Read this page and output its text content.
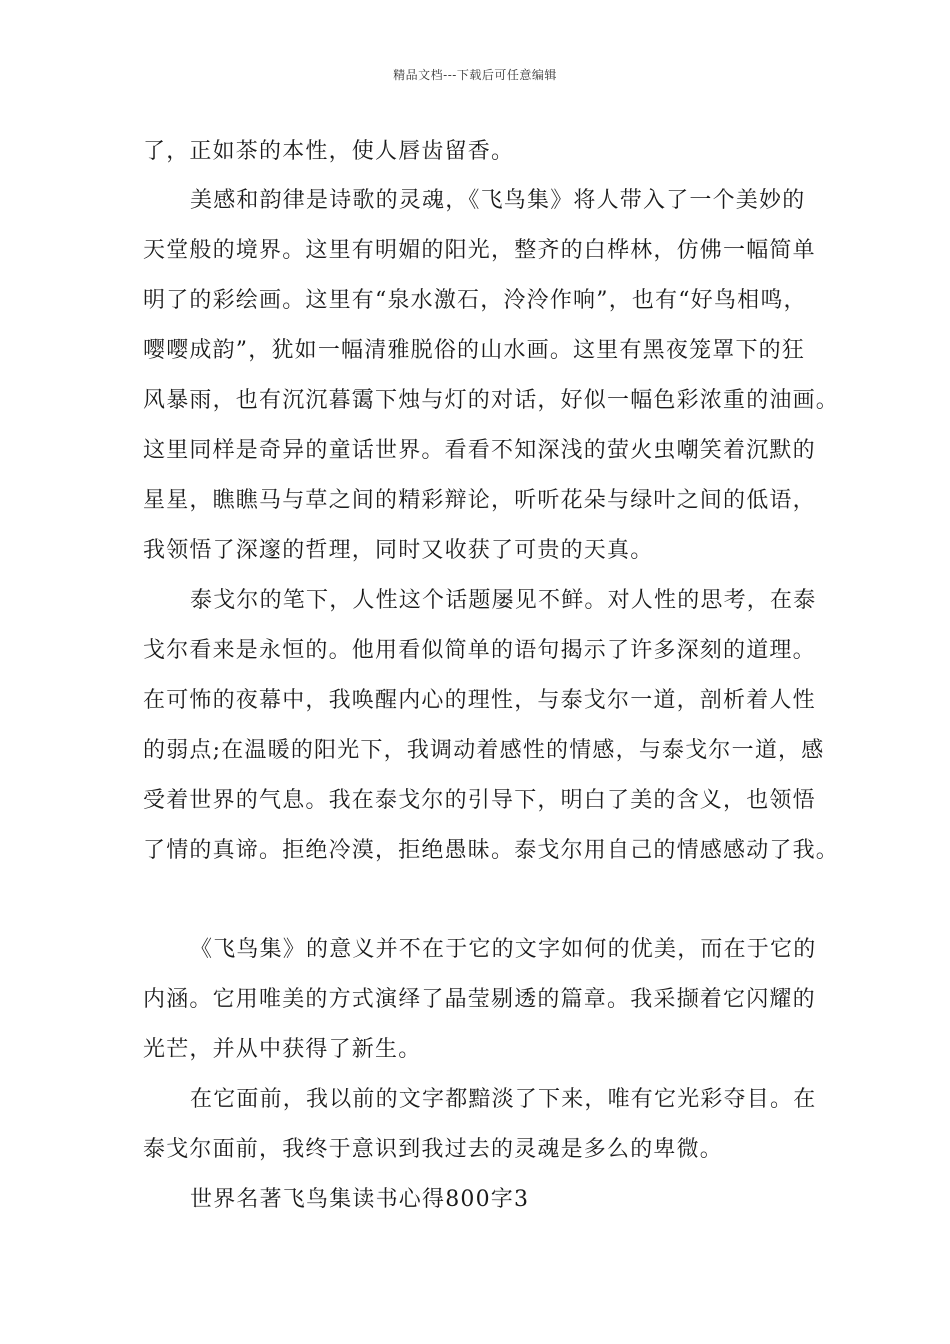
精品文档---下载后可任意编辑
了，正如茶的本性，使人唇齿留香。
美感和韵律是诗歌的灵魂，《飞鸟集》将人带入了一个美妙的
天堂般的境界。这里有明媚的阳光，整齐的白桦林，仿佛一幅简单
明了的彩绘画。这里有“泉水激石，泠泠作响”，也有“好鸟相鸣，
嘤嘤成韵”，犹如一幅清雅脱俗的山水画。这里有黑夜笼罩下的狂
风暴雨，也有沉沉暮霭下烛与灯的对话，好似一幅色彩浓重的油画。
这里同样是奇异的童话世界。看看不知深浅的萤火虫嘲笑着沉默的
星星，瞧瞧马与草之间的精彩辩论，听听花朵与绿叶之间的低语，
我领悟了深邃的哲理，同时又收获了可贵的天真。
泰戈尔的笔下，人性这个话题屡见不鲜。对人性的思考，在泰
戈尔看来是永恒的。他用看似简单的语句揭示了许多深刻的道理。
在可怖的夜幕中，我唤醒内心的理性，与泰戈尔一道，剖析着人性
的弱点;在温暖的阳光下，我调动着感性的情感，与泰戈尔一道，感
受着世界的气息。我在泰戈尔的引导下，明白了美的含义，也领悟
了情的真谛。拒绝冷漠，拒绝愚昧。泰戈尔用自己的情感感动了我。
《飞鸟集》的意义并不在于它的文字如何的优美，而在于它的
内涵。它用唯美的方式演绎了晶莹剔透的篇章。我采撷着它闪耀的
光芒，并从中获得了新生。
在它面前，我以前的文字都黯淡了下来，唯有它光彩夺目。在
泰戈尔面前，我终于意识到我过去的灵魂是多么的卑微。
世界名著飞鸟集读书心得800字3
